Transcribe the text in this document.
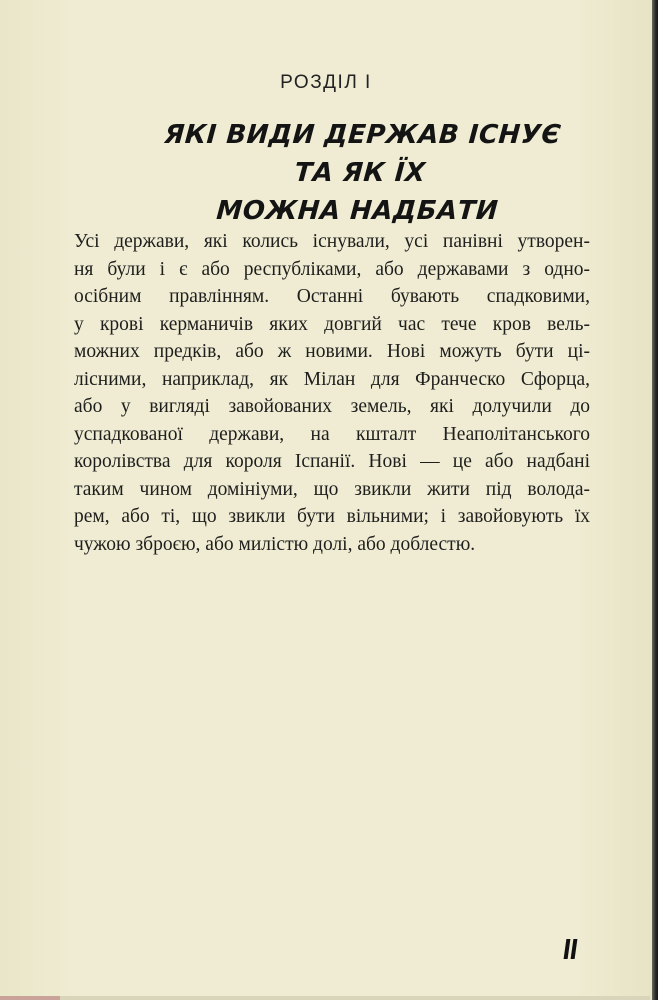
РОЗДІЛ І
ЯКІ ВИДИ ДЕРЖАВ ІСНУЄ ТА ЯК ЇХ
МОЖНА НАДБАТИ
Усі держави, які колись існували, усі панівні утворен-
ня були і є або республіками, або державами з одно-
осібним правлінням. Останні бувають спадковими,
у крові керманичів яких довгий час тече кров вель-
можних предків, або ж новими. Нові можуть бути ці-
лісними, наприклад, як Мілан для Франческо Сфорца,
або у вигляді завойованих земель, які долучили до
успадкованої держави, на кшталт Неаполітанського
королівства для короля Іспанії. Нові — це або надбані
таким чином домініуми, що звикли жити під волода-
рем, або ті, що звикли бути вільними; і завойовують їх
чужою зброєю, або милістю долі, або доблестю.
